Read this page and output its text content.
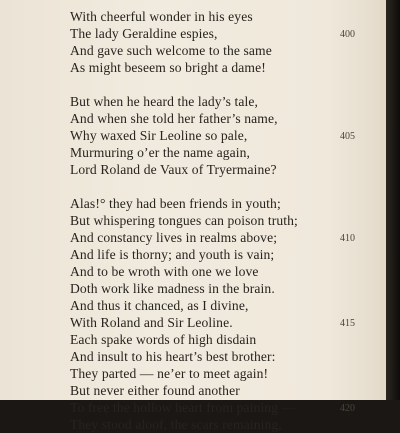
With cheerful wonder in his eyes

The lady Geraldine espies,	400

And gave such welcome to the same

As might beseem so bright a dame!

But when he heard the lady’s tale,

And when she told her father’s name,

Why waxed Sir Leoline so pale,	405

Murmuring o’er the name again,

Lord Roland de Vaux of Tryermaine?

Alas!° they had been friends in youth;

But whispering tongues can poison truth;

And constancy lives in realms above;	410

And life is thorny; and youth is vain;

And to be wroth with one we love

Doth work like madness in the brain.

And thus it chanced, as I divine,

With Roland and Sir Leoline.	415

Each spake words of high disdain

And insult to his heart’s best brother:

They parted — ne’er to meet again!

But never either found another

To free the hollow heart from paining —	420

They stood aloof, the scars remaining,
